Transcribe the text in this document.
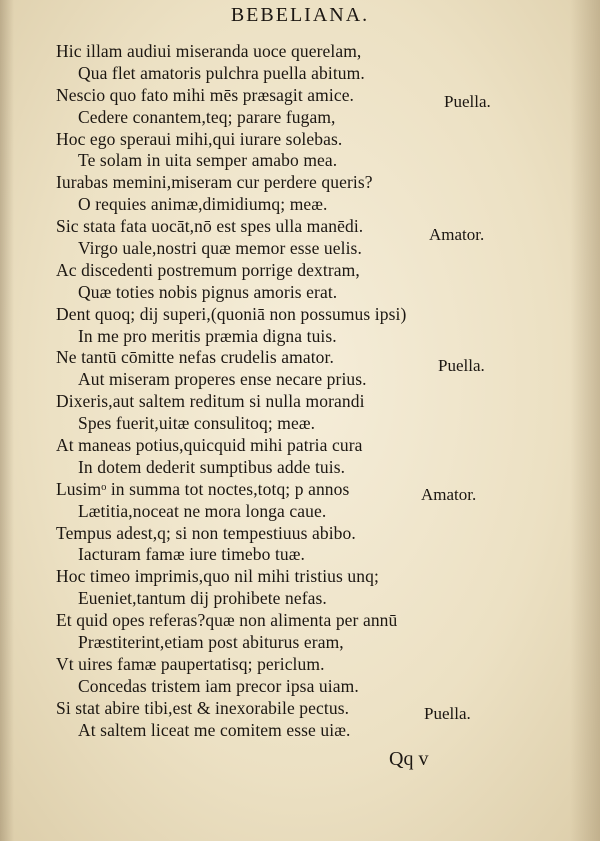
BEBELIANA.
Hic illam audiui miseranda uoce querelam,
Qua flet amatoris pulchra puella abitum.
Nescio quo fato mihi mēs præsagit amice.
Cedere conantem,teq; parare fugam,
Hoc ego speraui mihi,qui iurare solebas.
Te solam in uita semper amabo mea.
Iurabas memini,miseram cur perdere queris?
O requies animæ,dimidiumq; meæ.
Sic stata fata uocāt,nō est spes ulla manēdi.
Virgo uale,nostri quæ memor esse uelis.
Ac discedenti postremum porrige dextram,
Quæ toties nobis pignus amoris erat.
Dent quoq; dij superi,(quoniā non possumus ipsi)
In me pro meritis præmia digna tuis.
Ne tantū cōmitte nefas crudelis amator.
Aut miseram properes ense necare prius.
Dixeris,aut saltem reditum si nulla morandi
Spes fuerit,uitæ consulitoq; meæ.
At maneas potius,quicquid mihi patria cura
In dotem dederit sumptibus adde tuis.
Lusimᵒ in summa tot noctes,totq; p annos
Lætitia,noceat ne mora longa caue.
Tempus adest,q; si non tempestiuus abibo.
Iacturam famæ iure timebo tuæ.
Hoc timeo imprimis,quo nil mihi tristius unq;
Eueniet,tantum dij prohibete nefas.
Et quid opes referas?quæ non alimenta per annū
Præstiterint,etiam post abiturus eram,
Vt uires famæ paupertatisq; periclum.
Concedas tristem iam precor ipsa uiam.
Si stat abire tibi,est & inexorabile pectus.
At saltem liceat me comitem esse uiæ.
Puella.
Amator.
Puella.
Amator.
Puella.
Qq v
